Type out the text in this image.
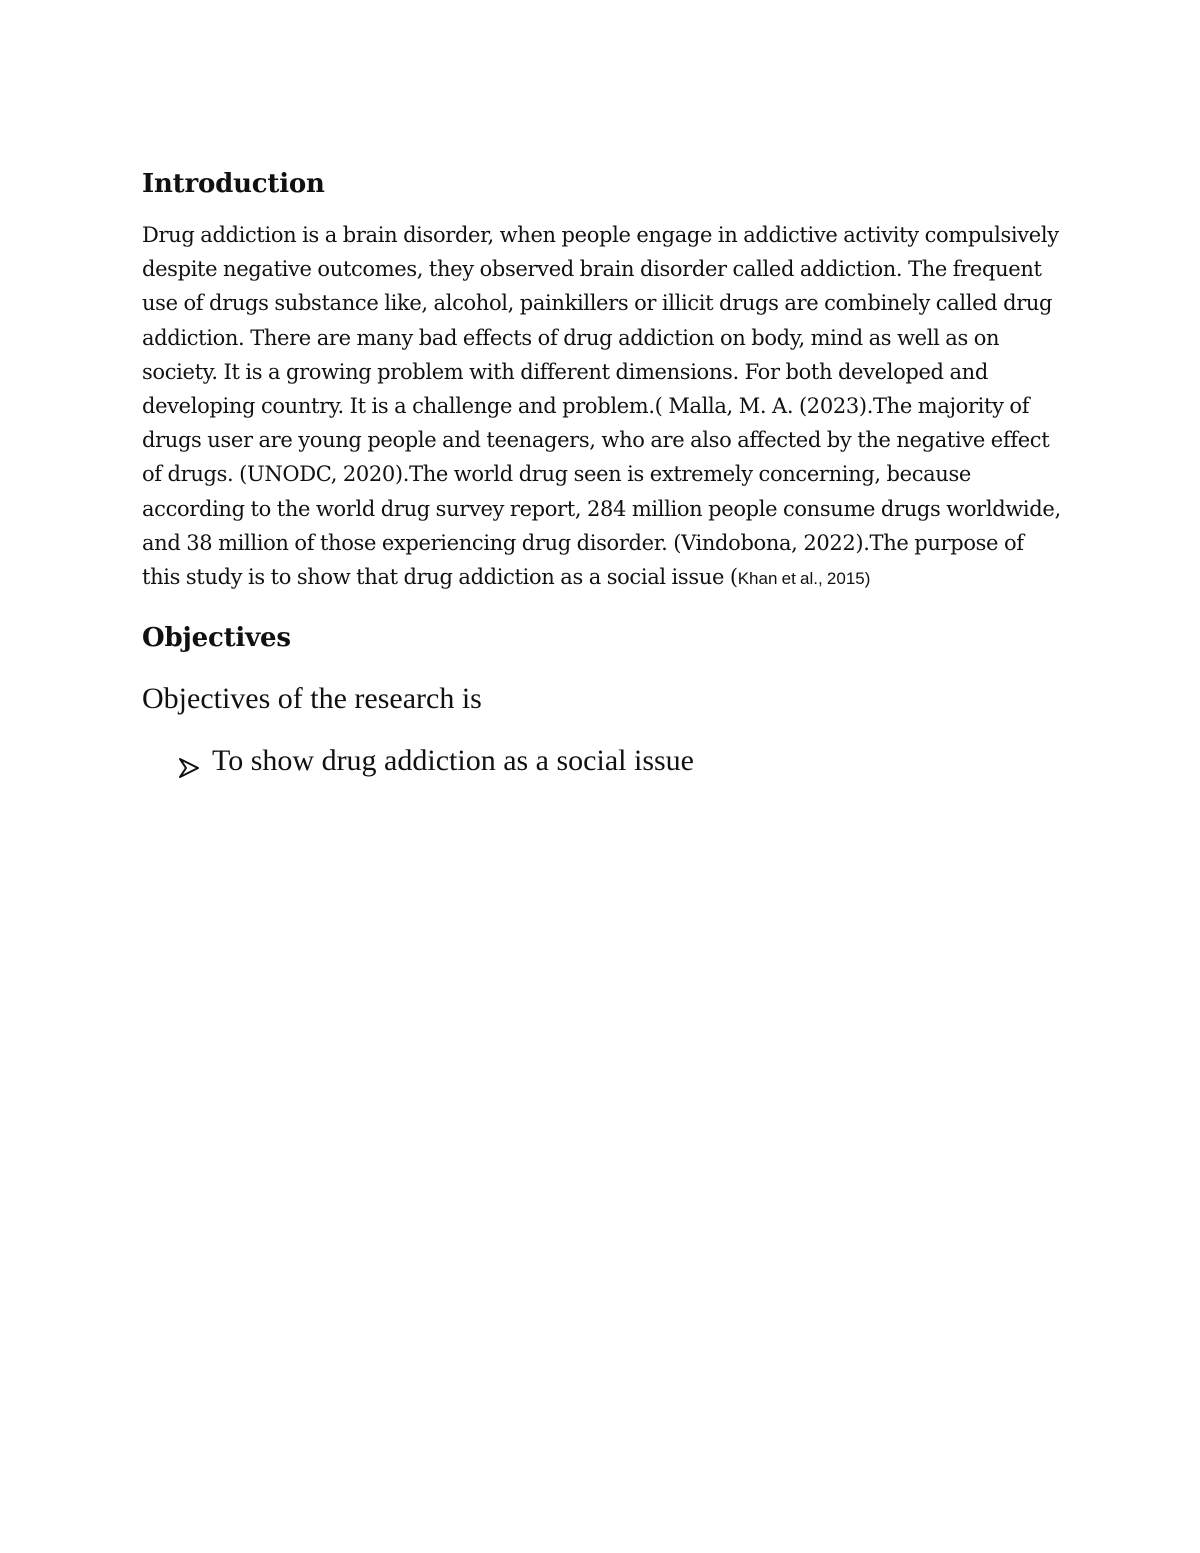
Introduction

Drug addiction is a brain disorder, when people engage in addictive activity compulsively despite negative outcomes, they observed brain disorder called addiction. The frequent use of drugs substance like, alcohol, painkillers or illicit drugs are combinely called drug addiction. There are many bad effects of drug addiction on body, mind as well as on society. It is a growing problem with different dimensions. For both developed and developing country. It is a challenge and problem.( Malla, M. A. (2023).The majority of drugs user are young people and teenagers, who are also affected by the negative effect of drugs. (UNODC, 2020).The world drug seen is extremely concerning, because according to the world drug survey report, 284 million people consume drugs worldwide, and 38 million of those experiencing drug disorder. (Vindobona, 2022).The purpose of this study is to show that drug addiction as a social issue (Khan et al., 2015)

Objectives

Objectives of the research is

To show drug addiction as a social issue
